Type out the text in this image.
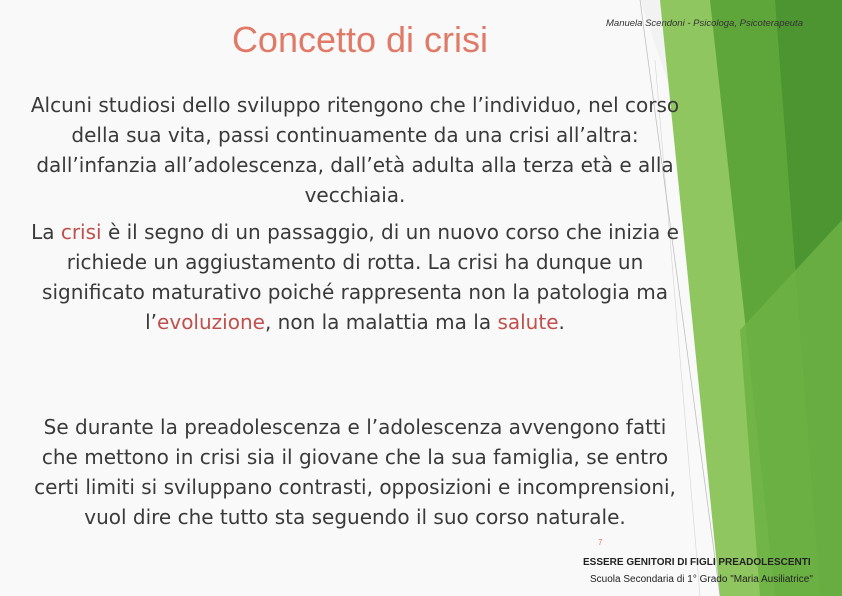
Concetto di crisi	Manuela Scendoni - Psicologa, Psicoterapeuta

Alcuni studiosi dello sviluppo ritengono che l’individuo, nel corso della sua vita, passi continuamente da una crisi all’altra: dall’infanzia all’adolescenza, dall’età adulta alla terza età e alla vecchiaia.

La crisi è il segno di un passaggio, di un nuovo corso che inizia e richiede un aggiustamento di rotta. La crisi ha dunque un significato maturativo poiché rappresenta non la patologia ma l’evoluzione, non la malattia ma la salute.

Se durante la preadolescenza e l’adolescenza avvengono fatti che mettono in crisi sia il giovane che la sua famiglia, se entro certi limiti si sviluppano contrasti, opposizioni e incomprensioni, vuol dire che tutto sta seguendo il suo corso naturale.

7
ESSERE GENITORI DI FIGLI PREADOLESCENTI
Scuola Secondaria di 1° Grado "Maria Ausiliatrice"
